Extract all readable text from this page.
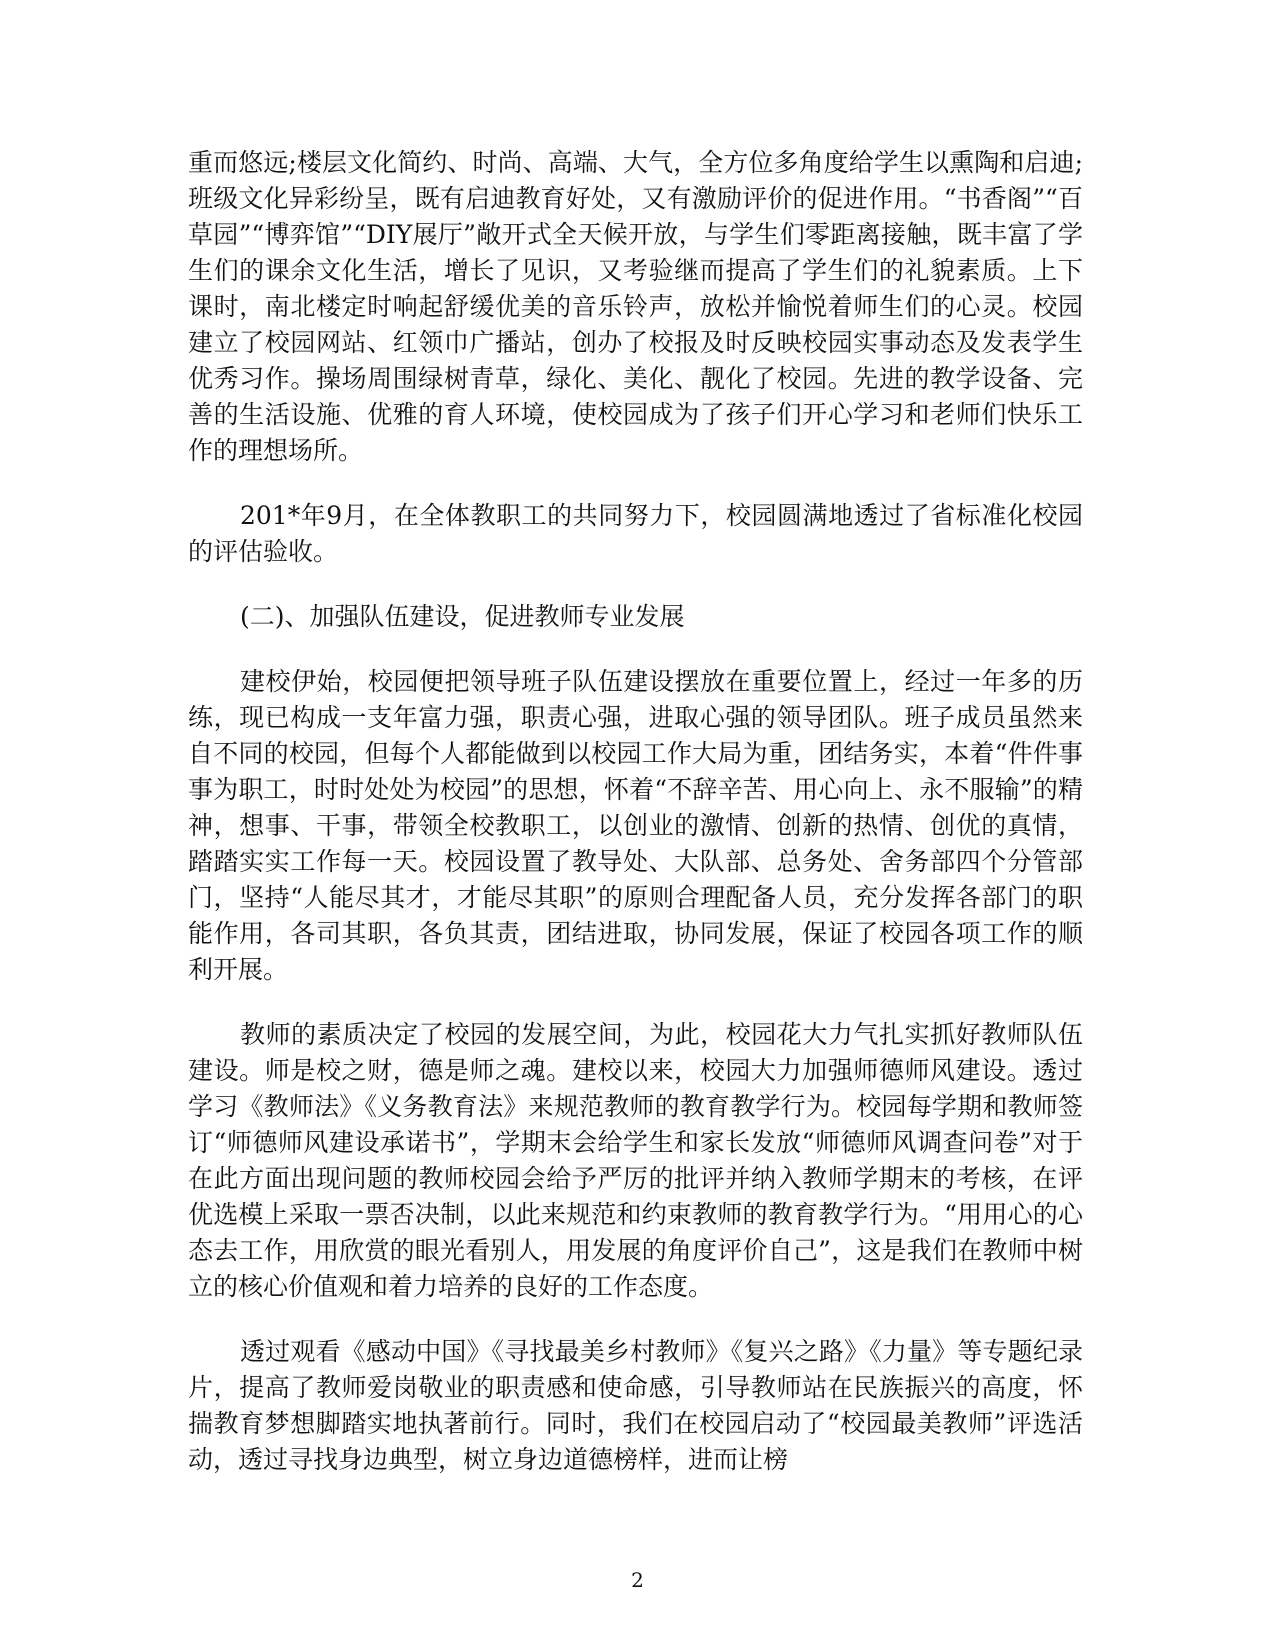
重而悠远;楼层文化简约、时尚、高端、大气，全方位多角度给学生以熏陶和启迪;班级文化异彩纷呈，既有启迪教育好处，又有激励评价的促进作用。“书香阁”“百草园”“博弈馆”“DIY展厅”敞开式全天候开放，与学生们零距离接触，既丰富了学生们的课余文化生活，增长了见识，又考验继而提高了学生们的礼貌素质。上下课时，南北楼定时响起舒缓优美的音乐铃声，放松并愉悦着师生们的心灵。校园建立了校园网站、红领巾广播站，创办了校报及时反映校园实事动态及发表学生优秀习作。操场周围绿树青草，绿化、美化、靓化了校园。先进的教学设备、完善的生活设施、优雅的育人环境，使校园成为了孩子们开心学习和老师们快乐工作的理想场所。

201*年9月，在全体教职工的共同努力下，校园圆满地透过了省标准化校园的评估验收。

(二)、加强队伍建设，促进教师专业发展

建校伊始，校园便把领导班子队伍建设摆放在重要位置上，经过一年多的历练，现已构成一支年富力强，职责心强，进取心强的领导团队。班子成员虽然来自不同的校园，但每个人都能做到以校园工作大局为重，团结务实，本着“件件事事为职工，时时处处为校园”的思想，怀着“不辞辛苦、用心向上、永不服输”的精神，想事、干事，带领全校教职工，以创业的激情、创新的热情、创优的真情，踏踏实实工作每一天。校园设置了教导处、大队部、总务处、舍务部四个分管部门，坚持“人能尽其才，才能尽其职”的原则合理配备人员，充分发挥各部门的职能作用，各司其职，各负其责，团结进取，协同发展，保证了校园各项工作的顺利开展。

教师的素质决定了校园的发展空间，为此，校园花大力气扎实抓好教师队伍建设。师是校之财，德是师之魂。建校以来，校园大力加强师德师风建设。透过学习《教师法》《义务教育法》来规范教师的教育教学行为。校园每学期和教师签订“师德师风建设承诺书”，学期末会给学生和家长发放“师德师风调查问卷”对于在此方面出现问题的教师校园会给予严厉的批评并纳入教师学期末的考核，在评优选模上采取一票否决制，以此来规范和约束教师的教育教学行为。“用用心的心态去工作，用欣赏的眼光看别人，用发展的角度评价自己”，这是我们在教师中树立的核心价值观和着力培养的良好的工作态度。

透过观看《感动中国》《寻找最美乡村教师》《复兴之路》《力量》等专题纪录片，提高了教师爱岗敬业的职责感和使命感，引导教师站在民族振兴的高度，怀揣教育梦想脚踏实地执著前行。同时，我们在校园启动了“校园最美教师”评选活动，透过寻找身边典型，树立身边道德榜样，进而让榜

2
